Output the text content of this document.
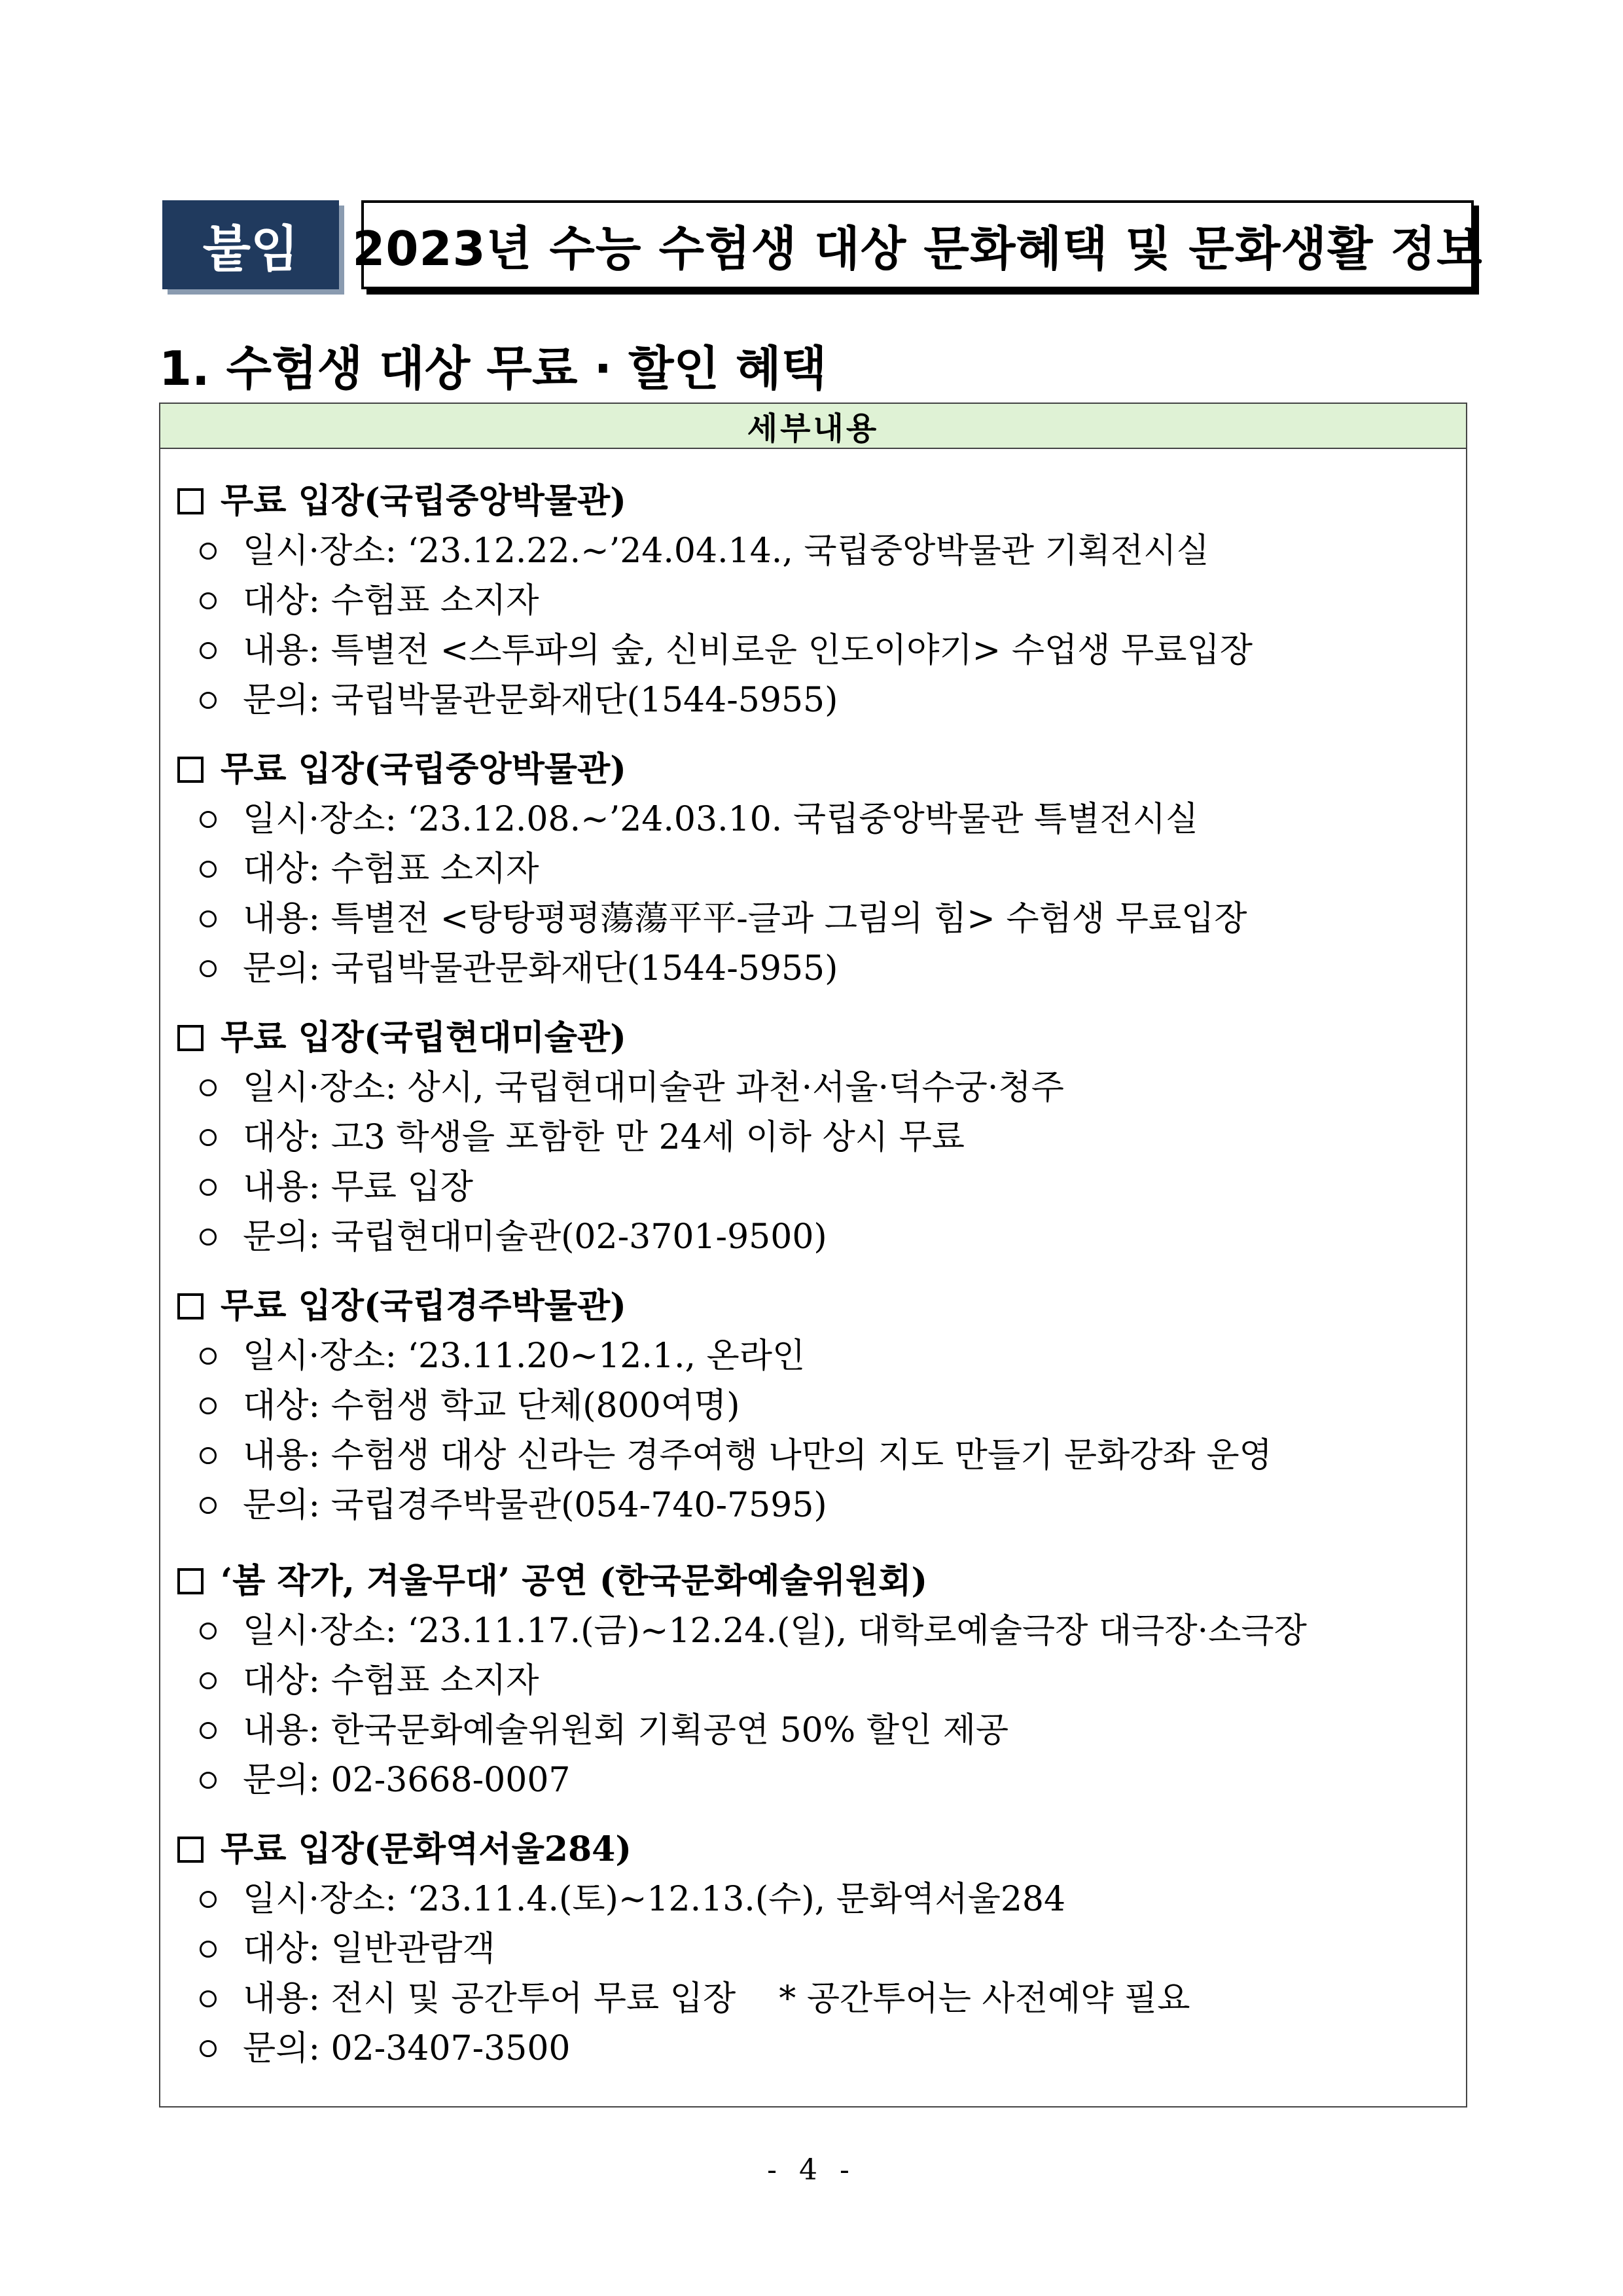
붙임	2023년 수능 수험생 대상 문화혜택 및 문화생활 정보
1. 수험생 대상 무료 · 할인 혜택
세부내용
무료 입장(국립중앙박물관)
일시·장소: ‘23.12.22.~’24.04.14., 국립중앙박물관 기획전시실
대상: 수험표 소지자
내용: 특별전 <스투파의 숲, 신비로운 인도이야기> 수업생 무료입장
문의: 국립박물관문화재단(1544-5955)
무료 입장(국립중앙박물관)
일시·장소: ‘23.12.08.~’24.03.10. 국립중앙박물관 특별전시실
대상: 수험표 소지자
내용: 특별전 <탕탕평평蕩蕩平平-글과 그림의 힘> 수험생 무료입장
문의: 국립박물관문화재단(1544-5955)
무료 입장(국립현대미술관)
일시·장소: 상시, 국립현대미술관 과천·서울·덕수궁·청주
대상: 고3 학생을 포함한 만 24세 이하 상시 무료
내용: 무료 입장
문의: 국립현대미술관(02-3701-9500)
무료 입장(국립경주박물관)
일시·장소: ‘23.11.20~12.1., 온라인
대상: 수험생 학교 단체(800여명)
내용: 수험생 대상 신라는 경주여행 나만의 지도 만들기 문화강좌 운영
문의: 국립경주박물관(054-740-7595)
‘봄 작가, 겨울무대’ 공연 (한국문화예술위원회)
일시·장소: ‘23.11.17.(금)~12.24.(일), 대학로예술극장 대극장·소극장
대상: 수험표 소지자
내용: 한국문화예술위원회 기획공연 50% 할인 제공
문의: 02-3668-0007
무료 입장(문화역서울284)
일시·장소: ‘23.11.4.(토)~12.13.(수), 문화역서울284
대상: 일반관람객
내용: 전시 및 공간투어 무료 입장    * 공간투어는 사전예약 필요
문의: 02-3407-3500
- 4 -
